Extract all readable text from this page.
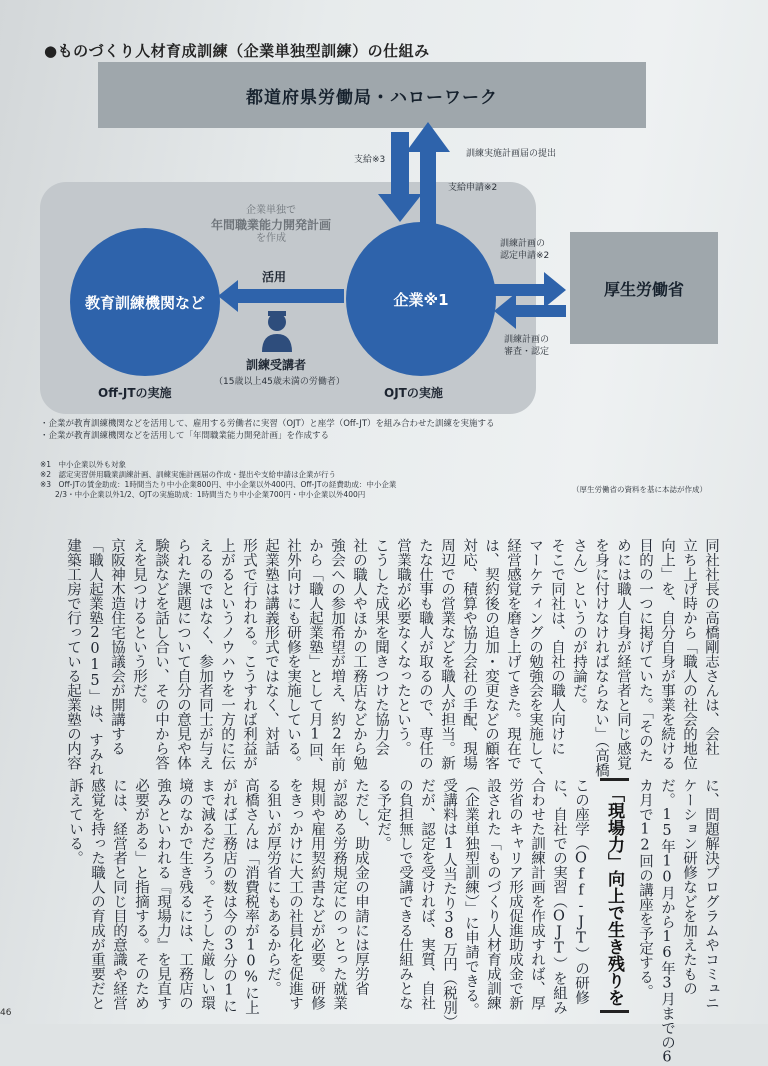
●ものづくり人材育成訓練（企業単独型訓練）の仕組み
都道府県労働局・ハローワーク
支給※3
訓練実施計画届の提出
支給申請※2
企業単独で
年間職業能力開発計画
を作成
教育訓練機関など	企業※1
活用
訓練受講者
（15歳以上45歳未満の労働者）
Off-JTの実施	OJTの実施
厚生労働省
訓練計画の
認定申請※2
訓練計画の
審査・認定
・企業が教育訓練機関などを活用して、雇用する労働者に実習（OJT）と座学（Off-JT）を組み合わせた訓練を実施する
・企業が教育訓練機関などを活用して「年間職業能力開発計画」を作成する
※1　中小企業以外も対象
※2　認定実習併用職業訓練計画、訓練実施計画届の作成・提出や支給申請は企業が行う
※3　Off-JTの賃金助成：1時間当たり中小企業800円、中小企業以外400円、Off-JTの経費助成：中小企業
　　2/3・中小企業以外1/2、OJTの実施助成：1時間当たり中小企業700円・中小企業以外400円
（厚生労働省の資料を基に本誌が作成）
同社社長の高橋剛志さんは、会社
立ち上げ時から「職人の社会的地位
向上」を、自分自身が事業を続ける
目的の一つに掲げていた。「そのた
めには職人自身が経営者と同じ感覚
を身に付けなければならない」（高橋
さん）というのが持論だ。
そこで同社は、自社の職人向けに
マーケティングの勉強会を実施して、
経営感覚を磨き上げてきた。現在で
は、契約後の追加・変更などの顧客
対応、積算や協力会社の手配、現場
周辺での営業などを職人が担当。新
たな仕事も職人が取るので、専任の
営業職が必要なくなったという。
こうした成果を聞きつけた協力会
社の職人やほかの工務店などから勉
強会への参加希望が増え、約2年前
から「職人起業塾」として月1回、
社外向けにも研修を実施している。
起業塾は講義形式ではなく、対話
形式で行われる。こうすれば利益が
上がるというノウハウを一方的に伝
えるのではなく、参加者同士が与え
られた課題について自分の意見や体
験談などを話し合い、その中から答
えを見つけるという形だ。
京阪神木造住宅協議会が開講する
「職人起業塾2015」は、すみれ
建築工房で行っている起業塾の内容
に、問題解決プログラムやコミュニ
ケーション研修などを加えたもの
だ。15年10月から16年3月までの6
カ月で12回の講座を予定する。
「現場力」向上で生き残りを
この座学（Off-JT）の研修
に、自社での実習（OJT）を組み
合わせた訓練計画を作成すれば、厚
労省のキャリア形成促進助成金で新
設された「ものづくり人材育成訓練
（企業単独型訓練）」に申請できる。
受講料は1人当たり38万円（税別）
だが、認定を受ければ、実質、自社
の負担無しで受講できる仕組みとな
る予定だ。
ただし、助成金の申請には厚労省
が認める労務規定にのっとった就業
規則や雇用契約書などが必要。研修
をきっかけに大工の社員化を促進す
る狙いが厚労省にもあるからだ。
高橋さんは「消費税率が10%に上
がれば工務店の数は今の3分の1に
まで減るだろう。そうした厳しい環
境のなかで生き残るには、工務店の
強みといわれる『現場力』を見直す
必要がある」と指摘する。そのため
には、経営者と同じ目的意識や経営
感覚を持った職人の育成が重要だと
訴えている。
46
